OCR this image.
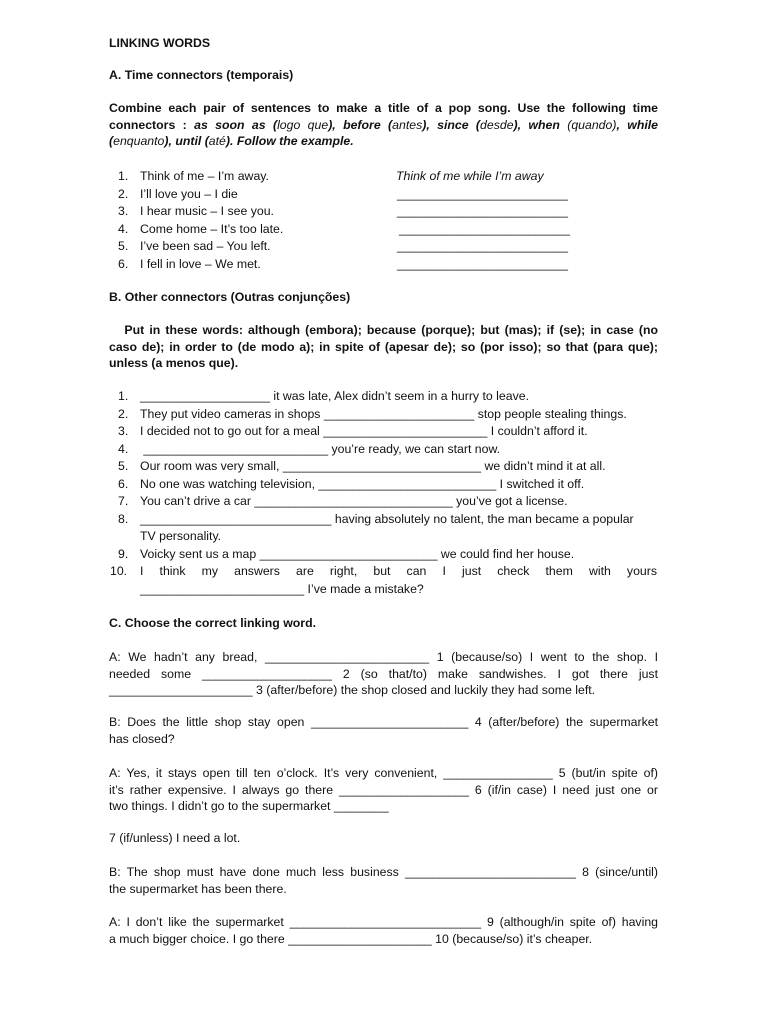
LINKING WORDS
A. Time connectors (temporais)
Combine each pair of sentences to make a title of a pop song. Use the following time
connectors : as soon as (logo que), before (antes), since (desde), when (quando), while
(enquanto), until (até). Follow the example.
1. Think of me – I’m away.	Think of me while I’m away
2. I’ll love you – I die	_________________________
3. I hear music – I see you.	_________________________
4. Come home – It’s too late.	_________________________
5. I’ve been sad – You left.	_________________________
6. I fell in love – We met.	_________________________
B. Other connectors (Outras conjunções)
Put in these words: although (embora); because (porque); but (mas); if (se); in case (no
caso de); in order to (de modo a); in spite of (apesar de); so (por isso); so that (para que);
unless (a menos que).
1. ___________________ it was late, Alex didn’t seem in a hurry to leave.
2. They put video cameras in shops ______________________ stop people stealing things.
3. I decided not to go out for a meal ________________________ I couldn’t afford it.
4. ___________________________ you’re ready, we can start now.
5. Our room was very small, _____________________________ we didn’t mind it at all.
6. No one was watching television, __________________________ I switched it off.
7. You can’t drive a car _____________________________ you’ve got a license.
8. ____________________________ having absolutely no talent, the man became a popular
TV personality.
9. Voicky sent us a map __________________________ we could find her house.
10. I think my answers are right, but can I just check them with yours
________________________ I’ve made a mistake?
C. Choose the correct linking word.
A: We hadn’t any bread, ________________________ 1 (because/so) I went to the shop. I
needed some ___________________ 2 (so that/to) make sandwishes. I got there just
_____________________ 3 (after/before) the shop closed and luckily they had some left.
B: Does the little shop stay open _______________________ 4 (after/before) the supermarket
has closed?
A: Yes, it stays open till ten o’clock. It’s very convenient, ________________ 5 (but/in spite of)
it’s rather expensive. I always go there ___________________ 6 (if/in case) I need just one or
two things. I didn’t go to the supermarket ________
7 (if/unless) I need a lot.
B: The shop must have done much less business _________________________ 8 (since/until)
the supermarket has been there.
A: I don’t like the supermarket ____________________________ 9 (although/in spite of) having
a much bigger choice. I go there _____________________ 10 (because/so) it’s cheaper.
